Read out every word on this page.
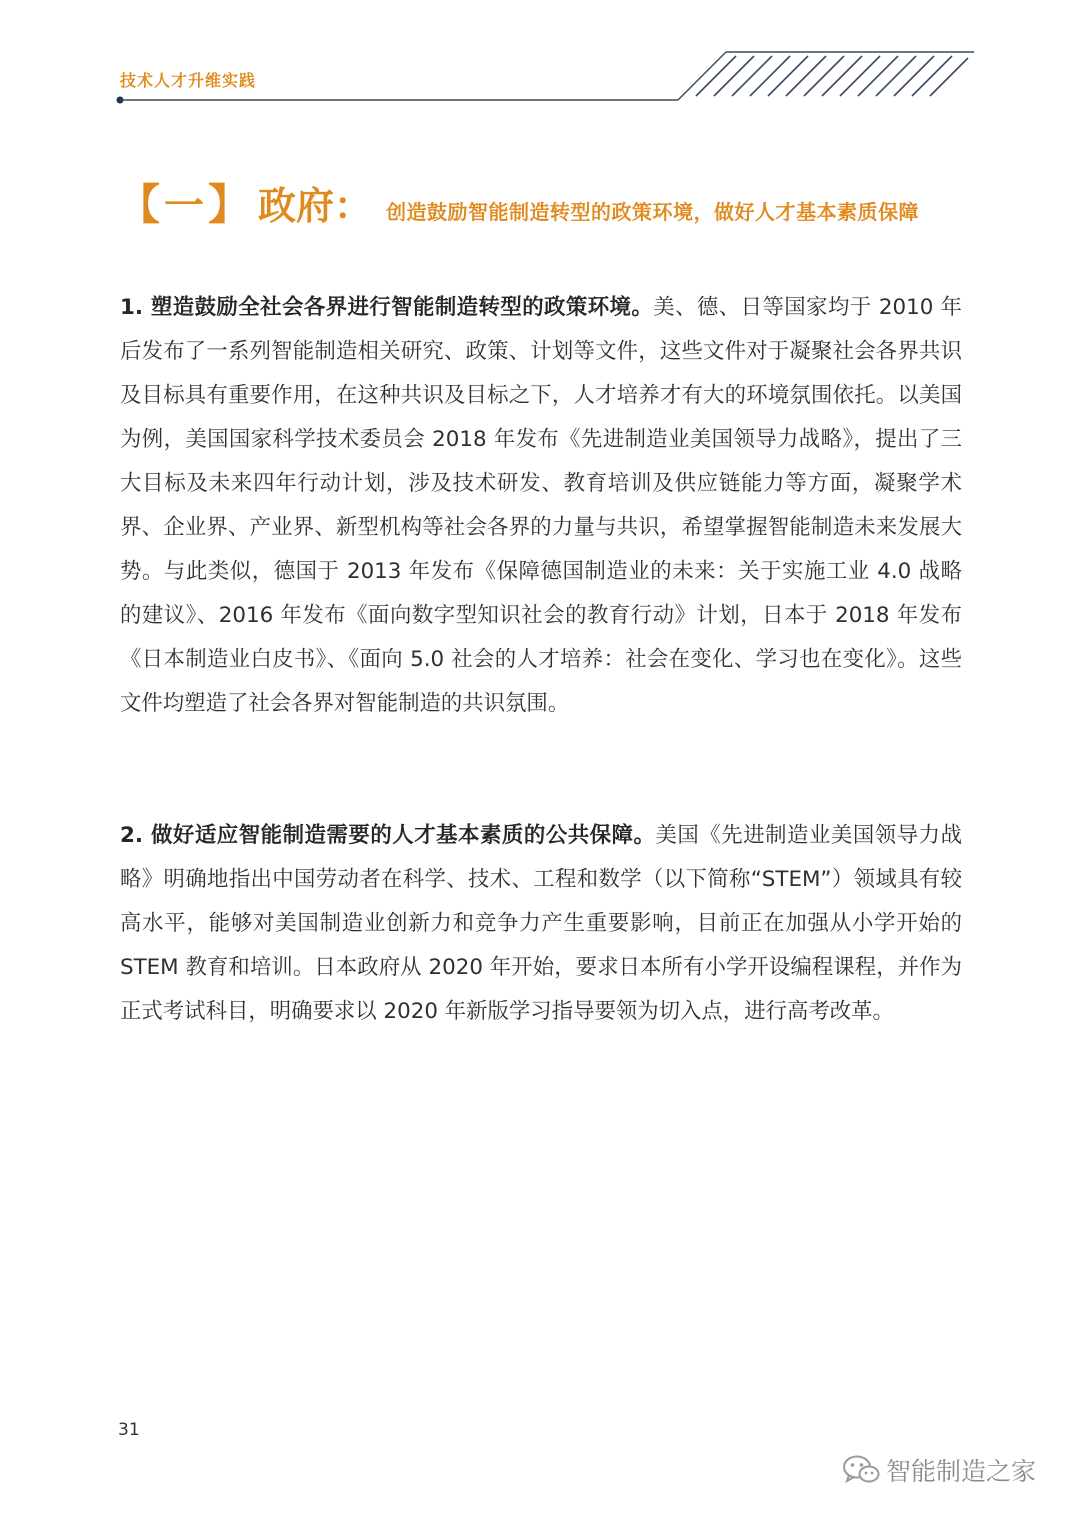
技术人才升维实践
【 一 】 政府 ： 创造鼓励智能制造转型的政策环境，做好人才基本素质保障

1. 塑造鼓励全社会各界进行智能制造转型的政策环境。美、德、日等国家均于 2010 年后发布了一系列智能制造相关研究、政策、计划等文件，这些文件对于凝聚社会各界共识及目标具有重要作用，在这种共识及目标之下，人才培养才有大的环境氛围依托。以美国为例，美国国家科学技术委员会 2018 年发布《先进制造业美国领导力战略》，提出了三大目标及未来四年行动计划，涉及技术研发、教育培训及供应链能力等方面，凝聚学术界、企业界、产业界、新型机构等社会各界的力量与共识，希望掌握智能制造未来发展大势。与此类似，德国于 2013 年发布《保障德国制造业的未来：关于实施工业 4.0 战略的建议》、2016 年发布《面向数字型知识社会的教育行动》计划，日本于 2018 年发布《日本制造业白皮书》、《面向 5.0 社会的人才培养：社会在变化、学习也在变化》。这些文件均塑造了社会各界对智能制造的共识氛围。

2. 做好适应智能制造需要的人才基本素质的公共保障。美国《先进制造业美国领导力战略》明确地指出中国劳动者在科学、技术、工程和数学（以下简称“STEM”）领域具有较高水平，能够对美国制造业创新力和竞争力产生重要影响，目前正在加强从小学开始的 STEM 教育和培训。日本政府从 2020 年开始，要求日本所有小学开设编程课程，并作为正式考试科目，明确要求以 2020 年新版学习指导要领为切入点，进行高考改革。

31
智能制造之家
